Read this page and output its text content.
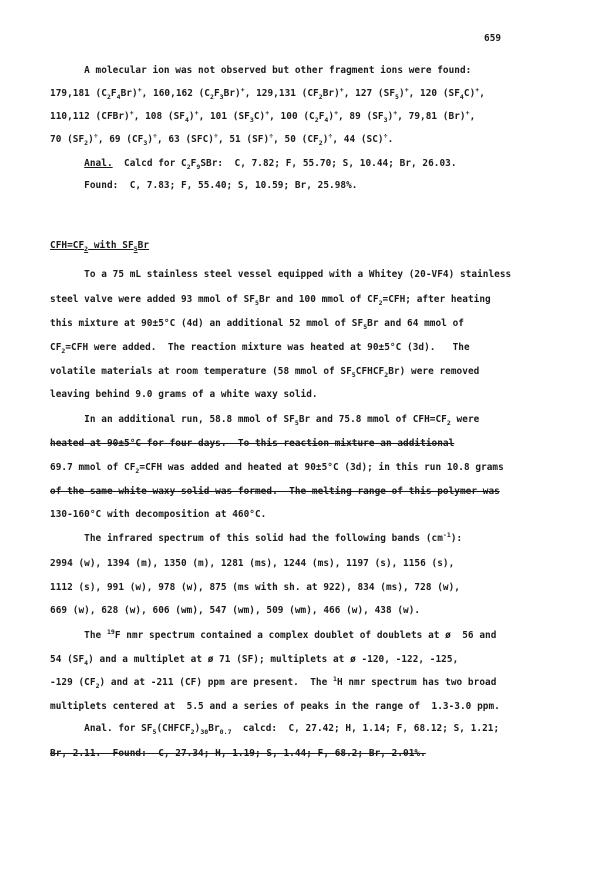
659
A molecular ion was not observed but other fragment ions were found:
179,181 $(C_2F_4Br)^+$, 160,162 $(C_2F_3Br)^+$, 129,131 $(CF_2Br)^+$, 127 $(SF_5)^+$, 120 $(SF_4C)^+$,
110,112 (CFBr)+, 108 $(SF_4)^+$, 101 $(SF_3C)^+$, 100 $(C_2F_4)^+$, 89 $(SF_3)^+$, 79,81 (Br)+,
70 $(SF_2)^\div$, 69 $(CF_3)^\div$, 63 (SFC)÷, 51 (SF)÷, 50 $(CF_2)^\div$, 44 (SC)÷.
Anal.  Calcd for $C_2F_9SBr$:  C, 7.82; F, 55.70; S, 10.44; Br, 26.03.
Found:  C, 7.83; F, 55.40; S, 10.59; Br, 25.98%.
$CFH=CF_2$ with $SF_5Br$
To a 75 mL stainless steel vessel equipped with a Whitey (20-VF4) stainless
steel valve were added 93 mmol of $SF_5Br$ and 100 mmol of $CF_2=CFH$; after heating
this mixture at 90±5°C (4d) an additional 52 mmol of $SF_5Br$ and 64 mmol of
$CF_2=CFH$ were added.  The reaction mixture was heated at 90±5°C (3d).   The
volatile materials at room temperature (58 mmol of $SF_5CFHCF_2Br$) were removed
leaving behind 9.0 grams of a white waxy solid.
In an additional run, 58.8 mmol of $SF_5Br$ and 75.8 mmol of $CFH=CF_2$ were
heated at 90±5°C for four days.  To this reaction mixture an additional
69.7 mmol of $CF_2=CFH$ was added and heated at 90±5°C (3d); in this run 10.8 grams
of the same white waxy solid was formed.  The melting range of this polymer was
130-160°C with decomposition at 460°C.
The infrared spectrum of this solid had the following bands $(cm^{-1})$:
2994 (w), 1394 (m), 1350 (m), 1281 (ms), 1244 (ms), 1197 (s), 1156 (s),
1112 (s), 991 (w), 978 (w), 875 (ms with sh. at 922), 834 (ms), 728 (w),
669 (w), 628 (w), 606 (wm), 547 (wm), 509 (wm), 466 (w), 438 (w).
The $^{19}$F nmr spectrum contained a complex doublet of doublets at ø  56 and
54 $(SF_4)$ and a multiplet at ø 71 (SF); multiplets at ø -120, -122, -125,
-129 $(CF_2)$ and at -211 (CF) ppm are present.  The $^1$H nmr spectrum has two broad
multiplets centered at  5.5 and a series of peaks in the range of  1.3-3.0 ppm.
Anal. for $SF_5(CHFCF_2)_{30}Br_{0.7}$  calcd:  C, 27.42; H, 1.14; F, 68.12; S, 1.21;
Br, 2.11.  Found:  C, 27.34; H, 1.19; S, 1.44; F, 68.2; Br, 2.01%.
